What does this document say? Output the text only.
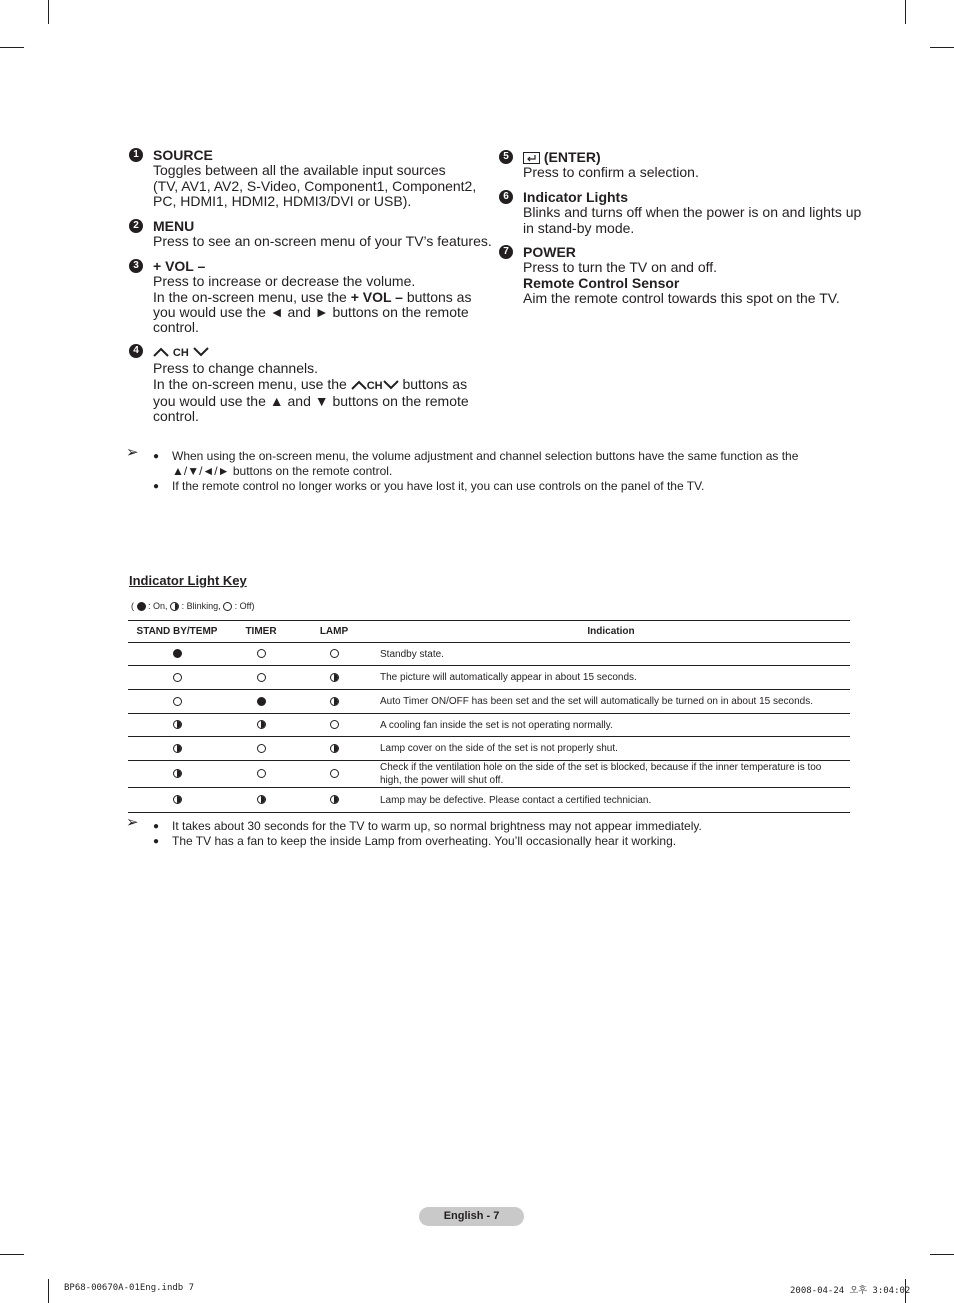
1	SOURCE

Toggles between all the available input sources

(TV, AV1, AV2, S-Video, Component1, Component2,

PC, HDMI1, HDMI2, HDMI3/DVI or USB).

2	MENU

Press to see an on-screen menu of your TV’s features.

3	+ VOL –

Press to increase or decrease the volume.

In the on-screen menu, use the + VOL – buttons as

you would use the ◄ and ► buttons on the remote

control.

4	CH

Press to change channels.

In the on-screen menu, use the CH buttons as

you would use the ▲ and ▼ buttons on the remote

control.

5	(ENTER)

Press to confirm a selection.

6	Indicator Lights

Blinks and turns off when the power is on and lights up

in stand-by mode.

7	POWER

Press to turn the TV on and off.

Remote Control Sensor

Aim the remote control towards this spot on the TV.

➢ ● When using the on-screen menu, the volume adjustment and channel selection buttons have the same function as the
▲/▼/◄/► buttons on the remote control.
● If the remote control no longer works or you have lost it, you can use controls on the panel of the TV.
Indicator Light Key
( : On, : Blinking, : Off)
STAND BY/TEMP	TIMER	LAMP	Indication
			Standby state.
			The picture will automatically appear in about 15 seconds.
			Auto Timer ON/OFF has been set and the set will automatically be turned on in about 15 seconds.
			A cooling fan inside the set is not operating normally.
			Lamp cover on the side of the set is not properly shut.
			Check if the ventilation hole on the side of the set is blocked, because if the inner temperature is too high, the power will shut off.
			Lamp may be defective. Please contact a certified technician.
➢ ● It takes about 30 seconds for the TV to warm up, so normal brightness may not appear immediately.
● The TV has a fan to keep the inside Lamp from overheating. You’ll occasionally hear it working.
English - 7
BP68-00670A-01Eng.indb 7	2008-04-24 오후 3:04:02
